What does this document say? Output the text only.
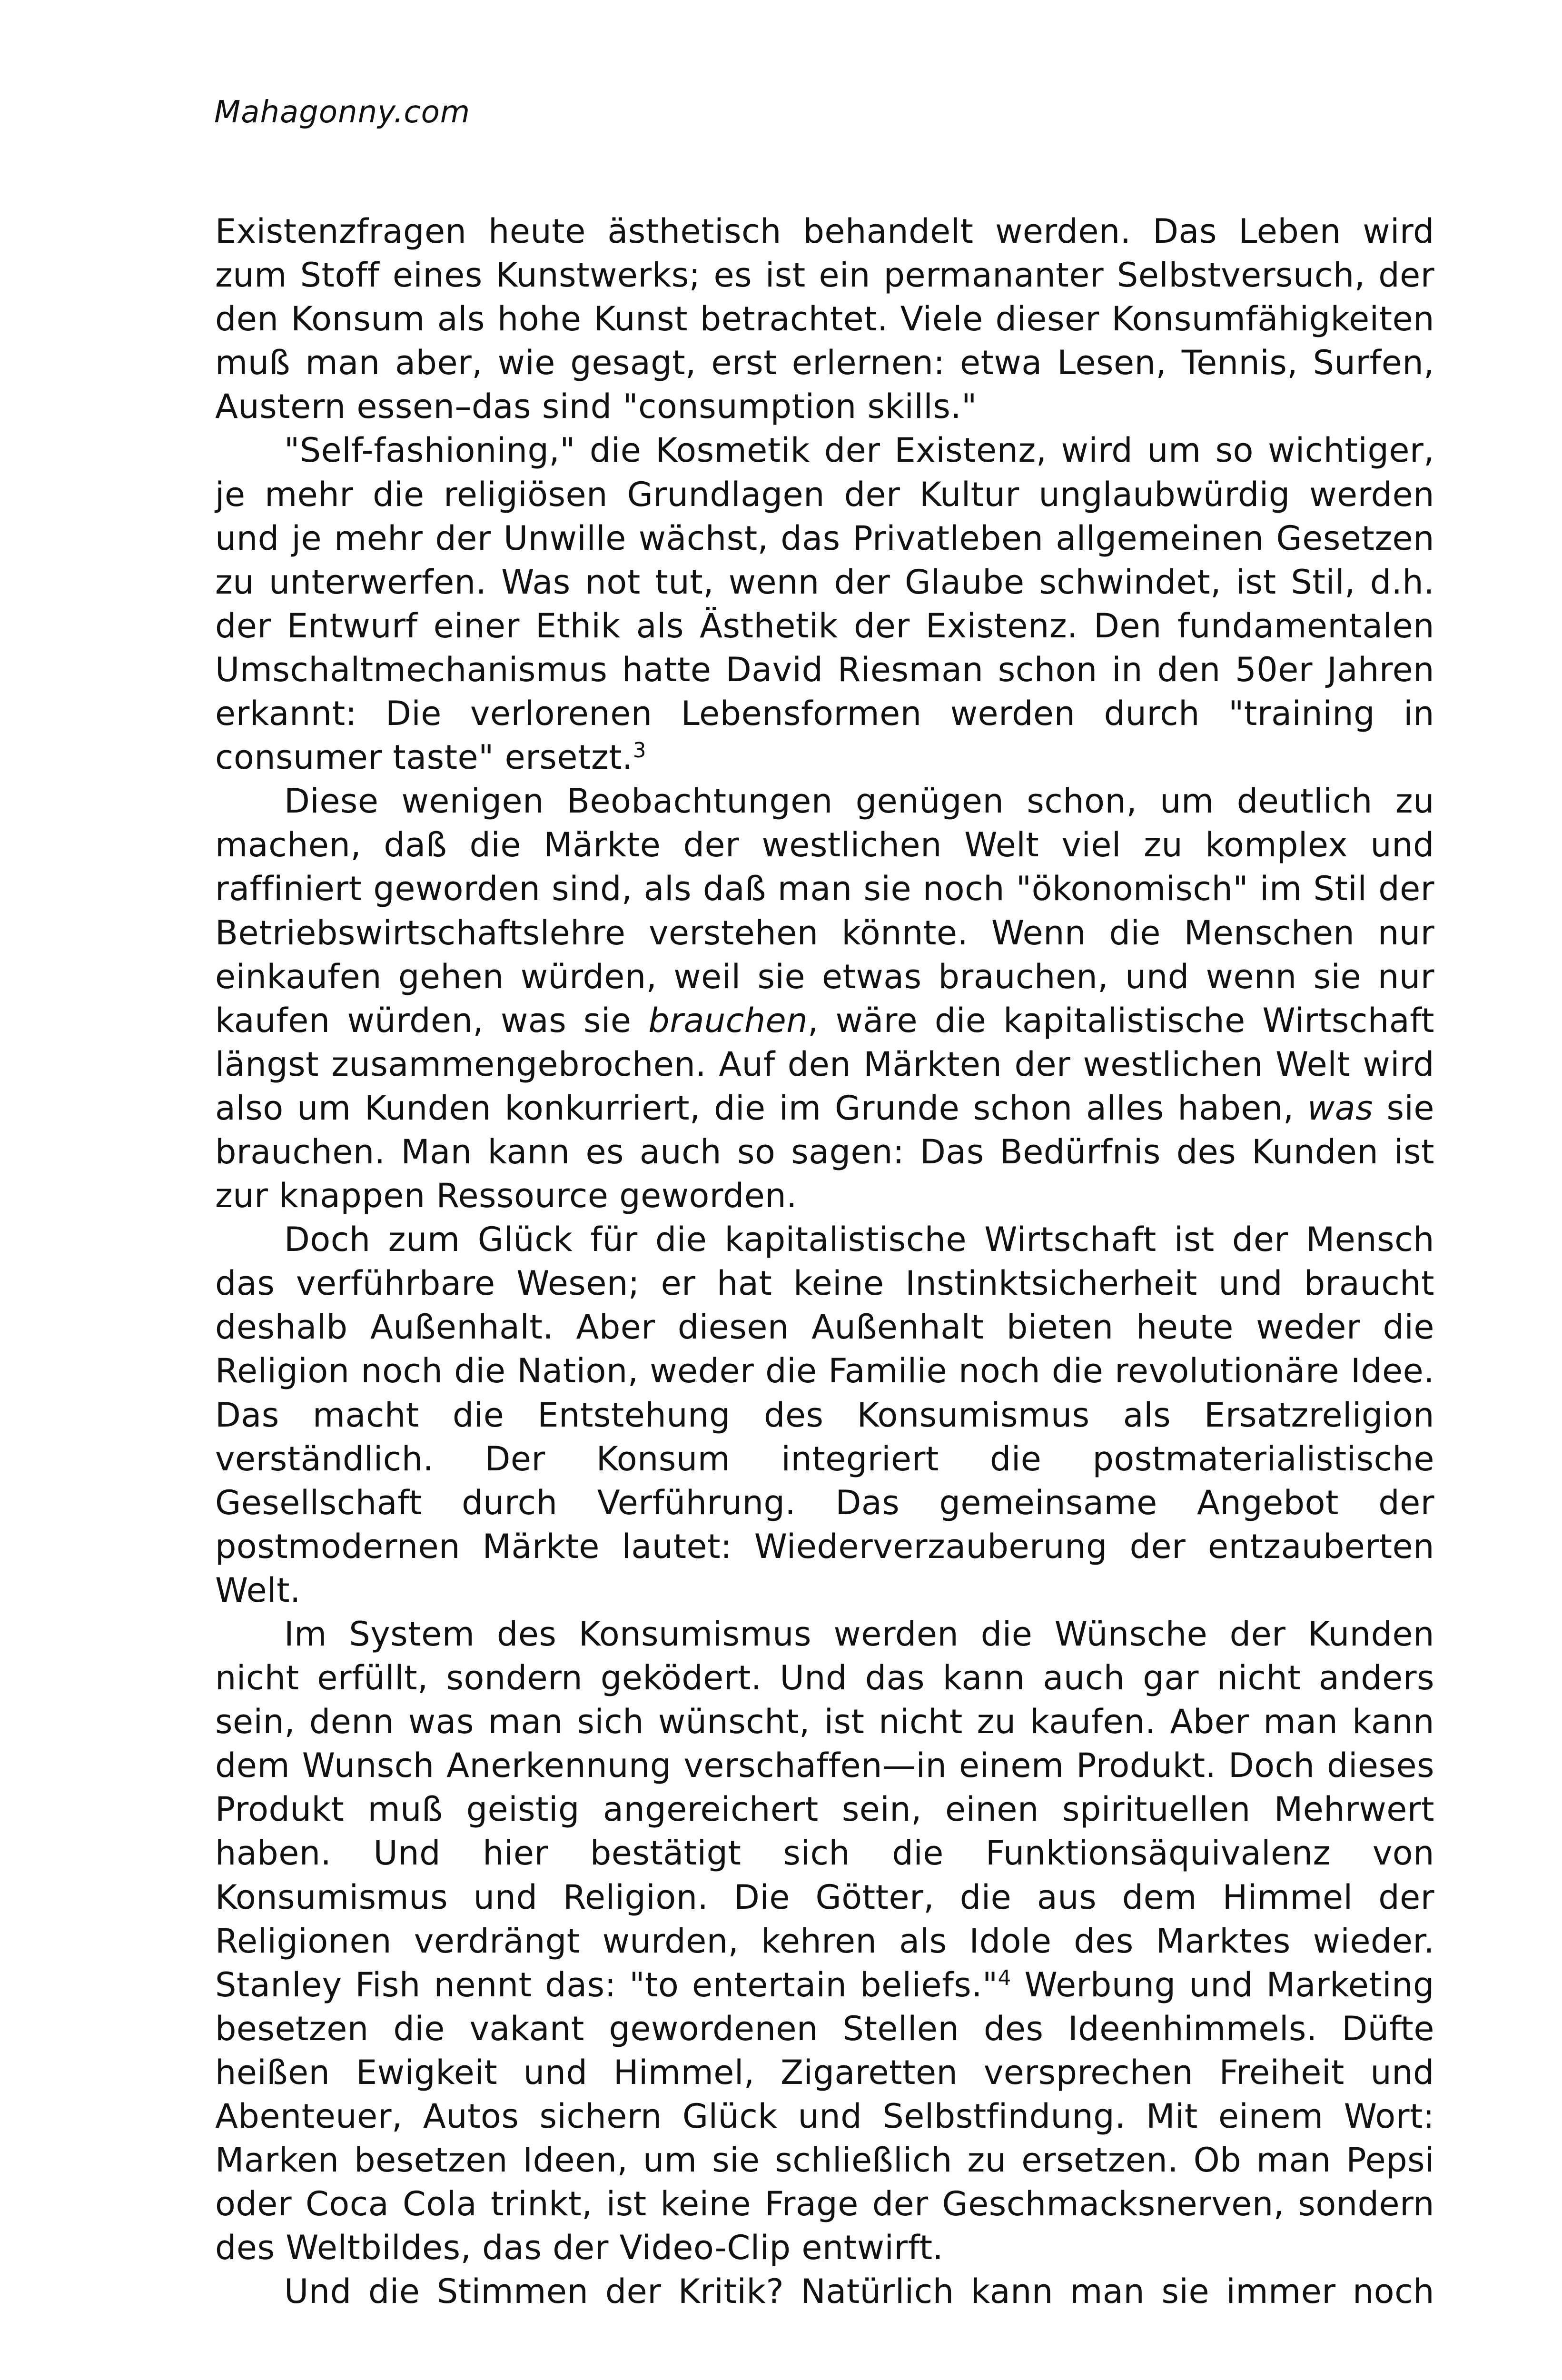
Mahagonny.com

Existenzfragen heute ästhetisch behandelt werden. Das Leben wird zum Stoff eines Kunstwerks; es ist ein permananter Selbstversuch, der den Konsum als hohe Kunst betrachtet. Viele dieser Konsumfähigkeiten muß man aber, wie gesagt, erst erlernen: etwa Lesen, Tennis, Surfen, Austern essen–das sind "consumption skills."

"Self-fashioning," die Kosmetik der Existenz, wird um so wichtiger, je mehr die religiösen Grundlagen der Kultur unglaubwürdig werden und je mehr der Unwille wächst, das Privatleben allgemeinen Gesetzen zu unterwerfen. Was not tut, wenn der Glaube schwindet, ist Stil, d.h. der Entwurf einer Ethik als Ästhetik der Existenz. Den fundamentalen Umschaltmechanismus hatte David Riesman schon in den 50er Jahren erkannt: Die verlorenen Lebensformen werden durch "training in consumer taste" ersetzt.$^3$

Diese wenigen Beobachtungen genügen schon, um deutlich zu machen, daß die Märkte der westlichen Welt viel zu komplex und raffiniert geworden sind, als daß man sie noch "ökonomisch" im Stil der Betriebswirtschaftslehre verstehen könnte. Wenn die Menschen nur einkaufen gehen würden, weil sie etwas brauchen, und wenn sie nur kaufen würden, was sie brauchen, wäre die kapitalistische Wirtschaft längst zusammengebrochen. Auf den Märkten der westlichen Welt wird also um Kunden konkurriert, die im Grunde schon alles haben, was sie brauchen. Man kann es auch so sagen: Das Bedürfnis des Kunden ist zur knappen Ressource geworden.

Doch zum Glück für die kapitalistische Wirtschaft ist der Mensch das verführbare Wesen; er hat keine Instinktsicherheit und braucht deshalb Außenhalt. Aber diesen Außenhalt bieten heute weder die Religion noch die Nation, weder die Familie noch die revolutionäre Idee. Das macht die Entstehung des Konsumismus als Ersatzreligion verständlich. Der Konsum integriert die postmaterialistische Gesellschaft durch Verführung. Das gemeinsame Angebot der postmodernen Märkte lautet: Wiederverzauberung der entzauberten Welt.

Im System des Konsumismus werden die Wünsche der Kunden nicht erfüllt, sondern geködert. Und das kann auch gar nicht anders sein, denn was man sich wünscht, ist nicht zu kaufen. Aber man kann dem Wunsch Anerkennung verschaffen—in einem Produkt. Doch dieses Produkt muß geistig angereichert sein, einen spirituellen Mehrwert haben. Und hier bestätigt sich die Funktionsäquivalenz von Konsumismus und Religion. Die Götter, die aus dem Himmel der Religionen verdrängt wurden, kehren als Idole des Marktes wieder. Stanley Fish nennt das: "to entertain beliefs."$^4$ Werbung und Marketing besetzen die vakant gewordenen Stellen des Ideenhimmels. Düfte heißen Ewigkeit und Himmel, Zigaretten versprechen Freiheit und Abenteuer, Autos sichern Glück und Selbstfindung. Mit einem Wort: Marken besetzen Ideen, um sie schließlich zu ersetzen. Ob man Pepsi oder Coca Cola trinkt, ist keine Frage der Geschmacksnerven, sondern des Weltbildes, das der Video-Clip entwirft.

Und die Stimmen der Kritik? Natürlich kann man sie immer noch
